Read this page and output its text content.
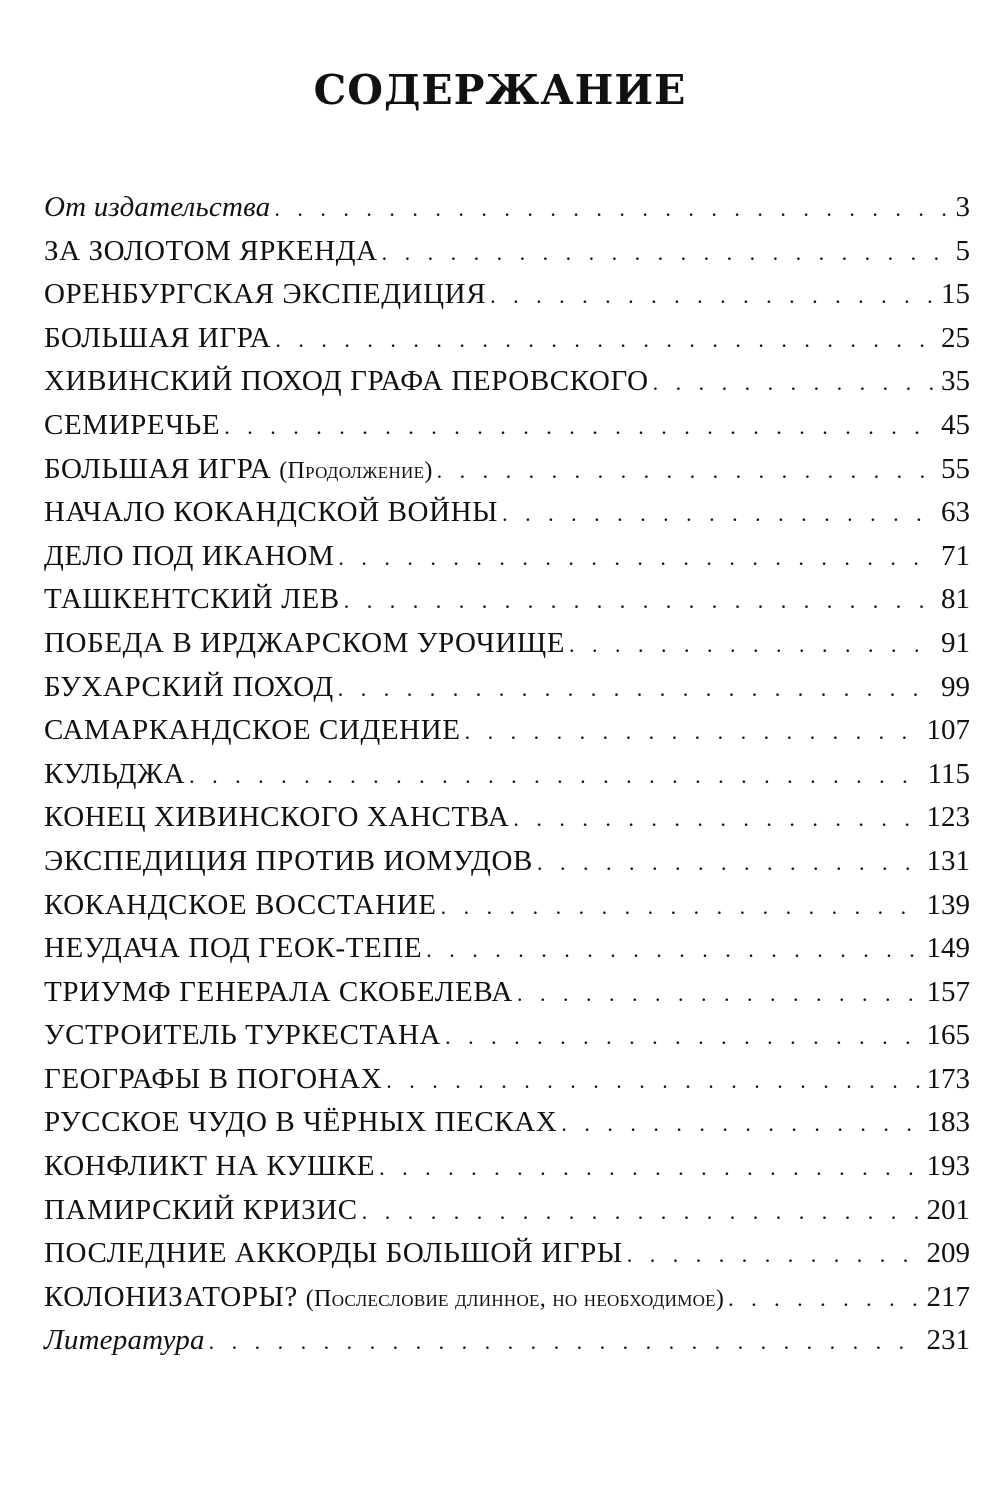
СОДЕРЖАНИЕ
От издательства . . .	3
ЗА ЗОЛОТОМ ЯРКЕНДА . . .	5
ОРЕНБУРГСКАЯ ЭКСПЕДИЦИЯ . . .	15
БОЛЬШАЯ ИГРА . . .	25
ХИВИНСКИЙ ПОХОД ГРАФА ПЕРОВСКОГО . . .	35
СЕМИРЕЧЬЕ . . .	45
БОЛЬШАЯ ИГРА (Продолжение) . . .	55
НАЧАЛО КОКАНДСКОЙ ВОЙНЫ . . .	63
ДЕЛО ПОД ИКАНОМ . . .	71
ТАШКЕНТСКИЙ ЛЕВ . . .	81
ПОБЕДА В ИРДЖАРСКОМ УРОЧИЩЕ . . .	91
БУХАРСКИЙ ПОХОД . . .	99
САМАРКАНДСКОЕ СИДЕНИЕ . . .	107
КУЛЬДЖА . . .	115
КОНЕЦ ХИВИНСКОГО ХАНСТВА . . .	123
ЭКСПЕДИЦИЯ ПРОТИВ ИОМУДОВ . . .	131
КОКАНДСКОЕ ВОССТАНИЕ . . .	139
НЕУДАЧА ПОД ГЕОК-ТЕПЕ . . .	149
ТРИУМФ ГЕНЕРАЛА СКОБЕЛЕВА . . .	157
УСТРОИТЕЛЬ ТУРКЕСТАНА . . .	165
ГЕОГРАФЫ В ПОГОНАХ . . .	173
РУССКОЕ ЧУДО В ЧЁРНЫХ ПЕСКАХ . . .	183
КОНФЛИКТ НА КУШКЕ . . .	193
ПАМИРСКИЙ КРИЗИС . . .	201
ПОСЛЕДНИЕ АККОРДЫ БОЛЬШОЙ ИГРЫ . . .	209
КОЛОНИЗАТОРЫ? (Послесловие длинное, но необходимое) . . .	217
Литература . . .	231
